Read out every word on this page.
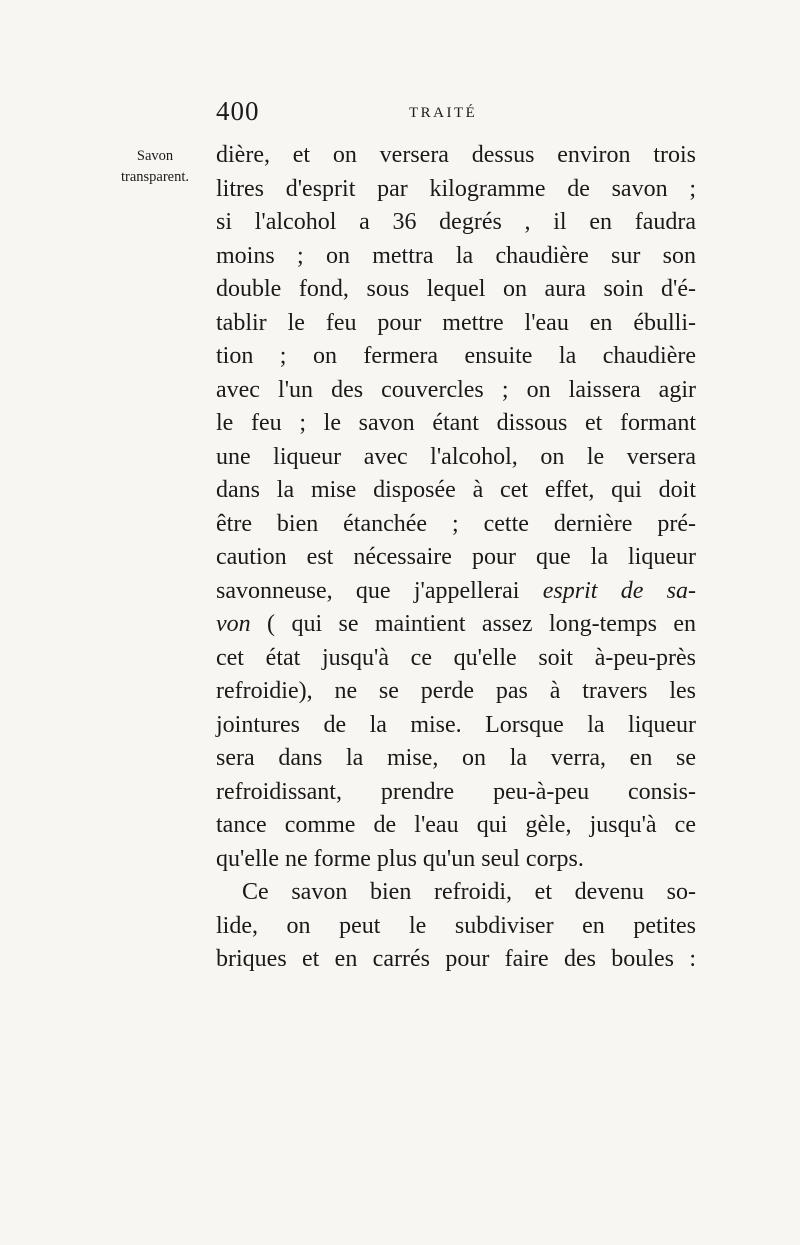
400	TRAITÉ
Savon
transparent.
dière, et on versera dessus environ trois
litres d'esprit par kilogramme de savon ;
si l'alcohol a 36 degrés , il en faudra
moins ; on mettra la chaudière sur son
double fond, sous lequel on aura soin d'é-
tablir le feu pour mettre l'eau en ébulli-
tion ; on fermera ensuite la chaudière
avec l'un des couvercles ; on laissera agir
le feu ; le savon étant dissous et formant
une liqueur avec l'alcohol, on le versera
dans la mise disposée à cet effet, qui doit
être bien étanchée ; cette dernière pré-
caution est nécessaire pour que la liqueur
savonneuse, que j'appellerai esprit de sa-
von ( qui se maintient assez long-temps en
cet état jusqu'à ce qu'elle soit à-peu-près
refroidie), ne se perde pas à travers les
jointures de la mise. Lorsque la liqueur
sera dans la mise, on la verra, en se
refroidissant, prendre peu-à-peu consis-
tance comme de l'eau qui gèle, jusqu'à ce
qu'elle ne forme plus qu'un seul corps.
Ce savon bien refroidi, et devenu so-
lide, on peut le subdiviser en petites
briques et en carrés pour faire des boules :
